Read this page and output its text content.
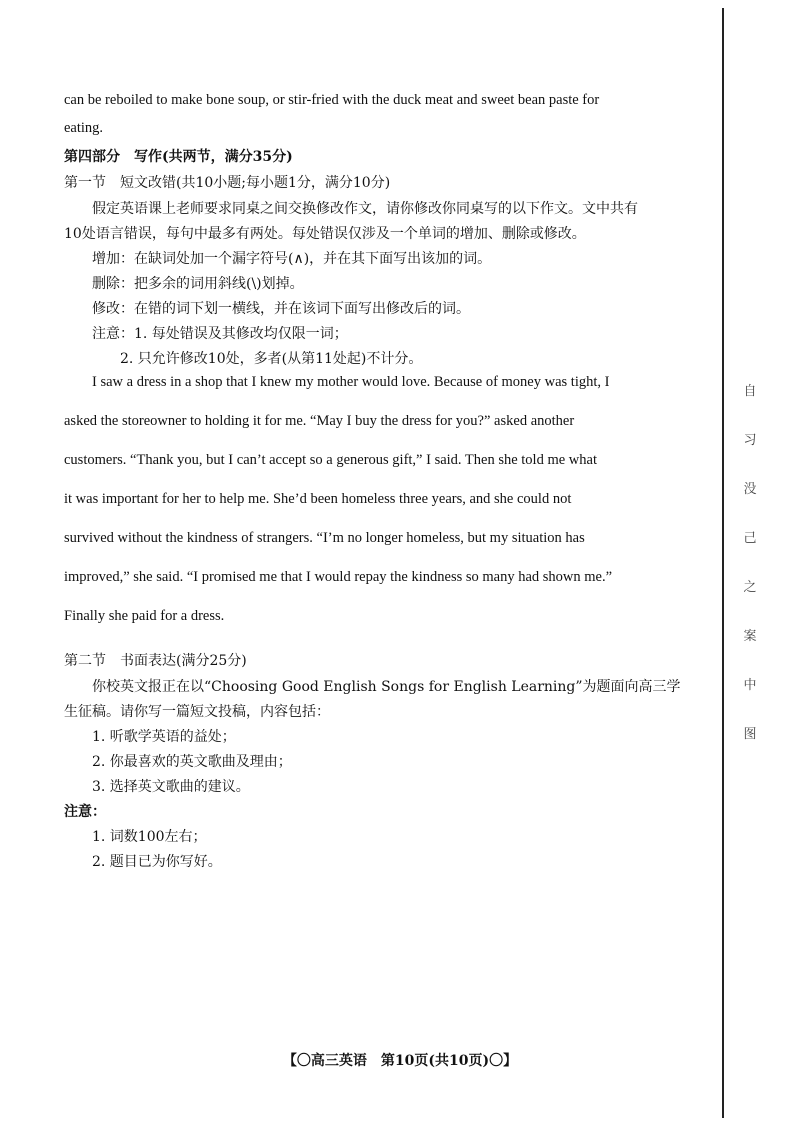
自
习
没
己
之
案
中
图
can be reboiled to make bone soup, or stir-fried with the duck meat and sweet bean paste for
eating.
第四部分　写作(共两节，满分35分)
第一节　短文改错(共10小题;每小题1分，满分10分)
假定英语课上老师要求同桌之间交换修改作文，请你修改你同桌写的以下作文。文中共有
10处语言错误，每句中最多有两处。每处错误仅涉及一个单词的增加、删除或修改。
增加：在缺词处加一个漏字符号(∧)，并在其下面写出该加的词。
删除：把多余的词用斜线(\)划掉。
修改：在错的词下划一横线，并在该词下面写出修改后的词。
注意：1. 每处错误及其修改均仅限一词；
2. 只允许修改10处，多者(从第11处起)不计分。
I saw a dress in a shop that I knew my mother would love. Because of money was tight, I
asked the storeowner to holding it for me. “May I buy the dress for you?” asked another
customers. “Thank you, but I can’t accept so a generous gift,” I said. Then she told me what
it was important for her to help me. She’d been homeless three years, and she could not
survived without the kindness of strangers. “I’m no longer homeless, but my situation has
improved,” she said. “I promised me that I would repay the kindness so many had shown me.”
Finally she paid for a dress.
第二节　书面表达(满分25分)
你校英文报正在以“Choosing Good English Songs for English Learning”为题面向高三学
生征稿。请你写一篇短文投稿，内容包括：
1. 听歌学英语的益处；
2. 你最喜欢的英文歌曲及理由；
3. 选择英文歌曲的建议。
注意：
1. 词数100左右；
2. 题目已为你写好。
【〇高三英语　第10页(共10页)〇】
